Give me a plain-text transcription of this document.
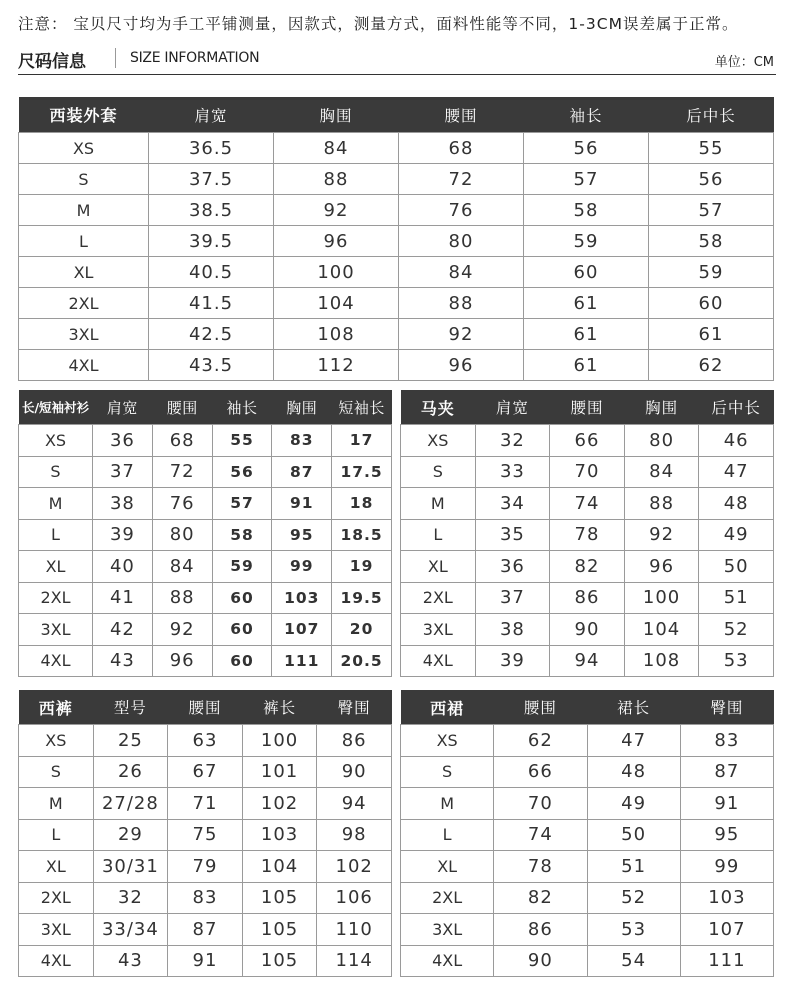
注意： 宝贝尺寸均为手工平铺测量，因款式，测量方式，面料性能等不同，1-3CM误差属于正常。
尺码信息	SIZE INFORMATION	单位：CM
西装外套	肩宽	胸围	腰围	袖长	后中长
XS	36.5	84	68	56	55
S	37.5	88	72	57	56
M	38.5	92	76	58	57
L	39.5	96	80	59	58
XL	40.5	100	84	60	59
2XL	41.5	104	88	61	60
3XL	42.5	108	92	61	61
4XL	43.5	112	96	61	62
长/短袖衬衫	肩宽	腰围	袖长	胸围	短袖长
XS	36	68	55	83	17
S	37	72	56	87	17.5
M	38	76	57	91	18
L	39	80	58	95	18.5
XL	40	84	59	99	19
2XL	41	88	60	103	19.5
3XL	42	92	60	107	20
4XL	43	96	60	111	20.5
马夹	肩宽	腰围	胸围	后中长
XS	32	66	80	46
S	33	70	84	47
M	34	74	88	48
L	35	78	92	49
XL	36	82	96	50
2XL	37	86	100	51
3XL	38	90	104	52
4XL	39	94	108	53
西裤	型号	腰围	裤长	臀围
XS	25	63	100	86
S	26	67	101	90
M	27/28	71	102	94
L	29	75	103	98
XL	30/31	79	104	102
2XL	32	83	105	106
3XL	33/34	87	105	110
4XL	43	91	105	114
西裙	腰围	裙长	臀围
XS	62	47	83
S	66	48	87
M	70	49	91
L	74	50	95
XL	78	51	99
2XL	82	52	103
3XL	86	53	107
4XL	90	54	111
